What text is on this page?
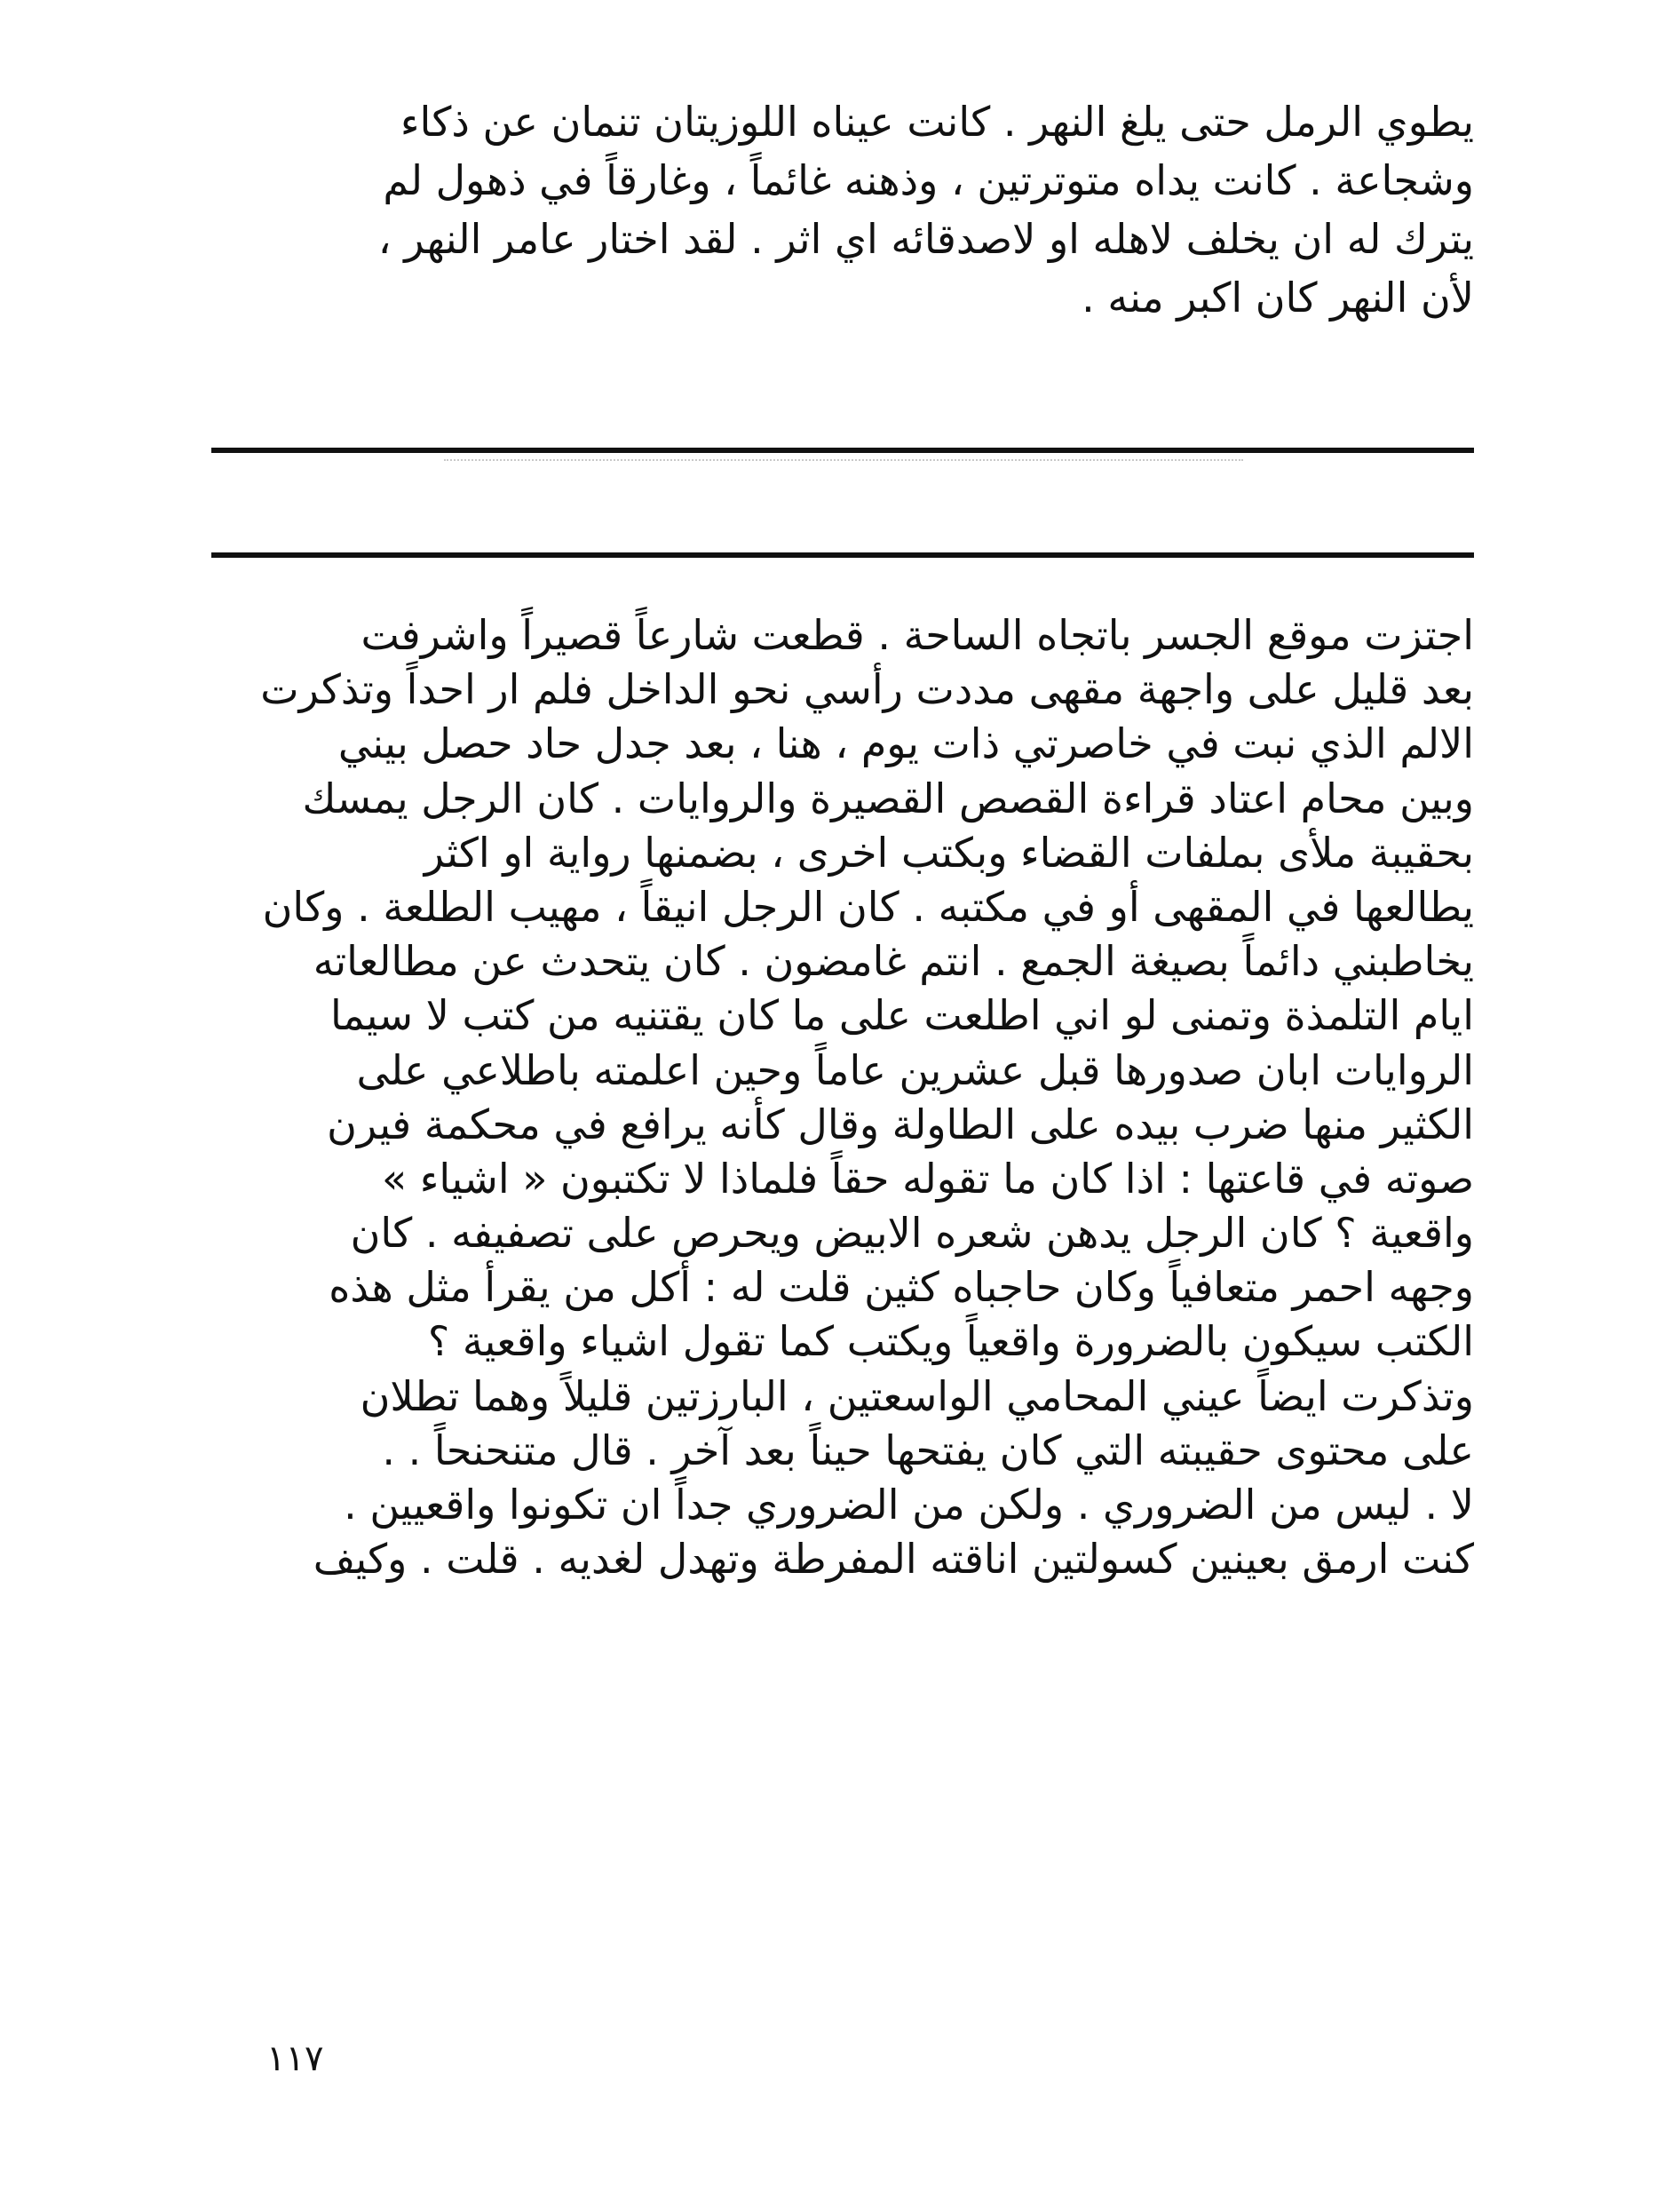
يطوي الرمل حتى يلغ النهر . كانت عيناه اللوزيتان تنمان عن ذكاء
وشجاعة . كانت يداه متوترتين ، وذهنه غائماً ، وغارقاً في ذهول لم
يترك له ان يخلف لاهله او لاصدقائه اي اثر . لقد اختار عامر النهر ،
لأن النهر كان اكبر منه .
اجتزت موقع الجسر باتجاه الساحة . قطعت شارعاً قصيراً واشرفت
بعد قليل على واجهة مقهى مددت رأسي نحو الداخل فلم ار احداً وتذكرت
الالم الذي نبت في خاصرتي ذات يوم ، هنا ، بعد جدل حاد حصل بيني
وبين محام اعتاد قراءة القصص القصيرة والروايات . كان الرجل يمسك
بحقيبة ملأى بملفات القضاء وبكتب اخرى ، بضمنها رواية او اكثر
يطالعها في المقهى أو في مكتبه . كان الرجل انيقاً ، مهيب الطلعة . وكان
يخاطبني دائماً بصيغة الجمع . انتم غامضون . كان يتحدث عن مطالعاته
ايام التلمذة وتمنى لو اني اطلعت على ما كان يقتنيه من كتب لا سيما
الروايات ابان صدورها قبل عشرين عاماً وحين اعلمته باطلاعي على
الكثير منها ضرب بيده على الطاولة وقال كأنه يرافع في محكمة فيرن
صوته في قاعتها : اذا كان ما تقوله حقاً فلماذا لا تكتبون « اشياء »
واقعية ؟ كان الرجل يدهن شعره الابيض ويحرص على تصفيفه . كان
وجهه احمر متعافياً وكان حاجباه كثين قلت له : أكل من يقرأ مثل هذه
الكتب سيكون بالضرورة واقعياً ويكتب كما تقول اشياء واقعية ؟
وتذكرت ايضاً عيني المحامي الواسعتين ، البارزتين قليلاً وهما تطلان
على محتوى حقيبته التي كان يفتحها حيناً بعد آخر . قال متنحنحاً . .
لا . ليس من الضروري . ولكن من الضروري جداً ان تكونوا واقعيين .
كنت ارمق بعينين كسولتين اناقته المفرطة وتهدل لغديه . قلت . وكيف
١١٧
